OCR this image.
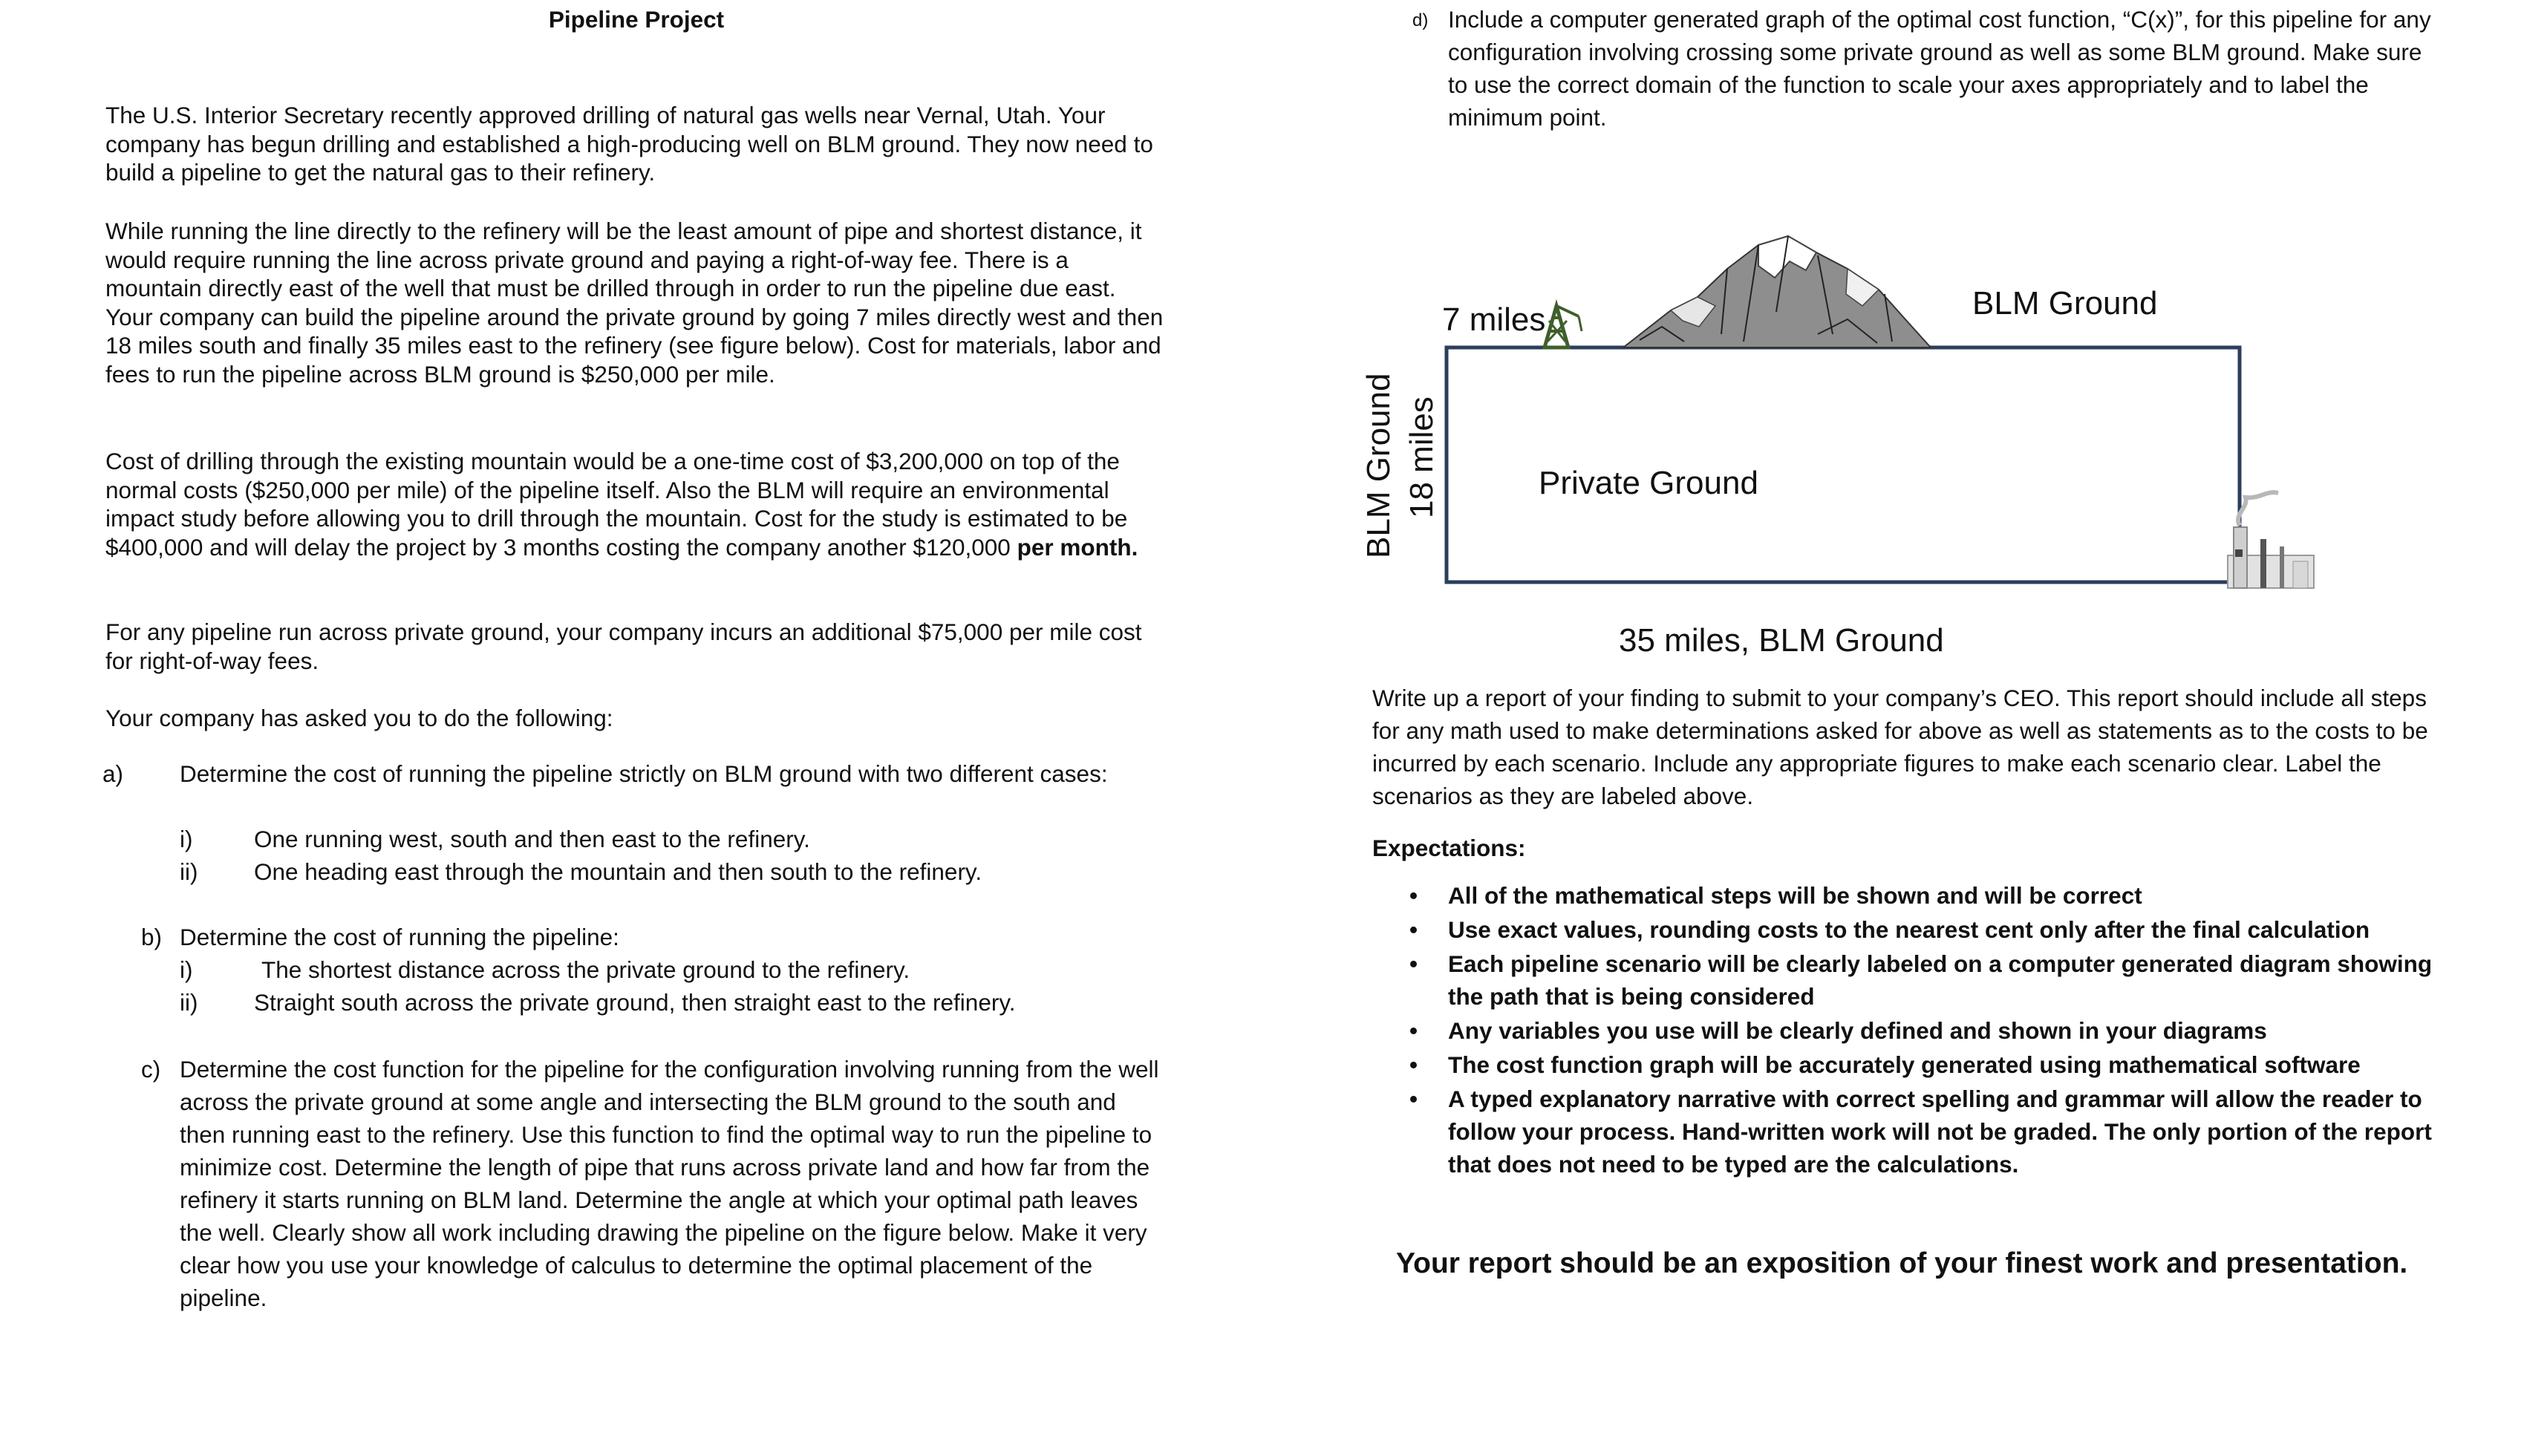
Pipeline Project

The U.S. Interior Secretary recently approved drilling of natural gas wells near Vernal, Utah. Your company has begun drilling and established a high-producing well on BLM ground. They now need to build a pipeline to get the natural gas to their refinery.

While running the line directly to the refinery will be the least amount of pipe and shortest distance, it would require running the line across private ground and paying a right-of-way fee. There is a mountain directly east of the well that must be drilled through in order to run the pipeline due east. Your company can build the pipeline around the private ground by going 7 miles directly west and then 18 miles south and finally 35 miles east to the refinery (see figure below). Cost for materials, labor and fees to run the pipeline across BLM ground is $250,000 per mile.

Cost of drilling through the existing mountain would be a one-time cost of $3,200,000 on top of the normal costs ($250,000 per mile) of the pipeline itself. Also the BLM will require an environmental impact study before allowing you to drill through the mountain. Cost for the study is estimated to be $400,000 and will delay the project by 3 months costing the company another $120,000 per month.

For any pipeline run across private ground, your company incurs an additional $75,000 per mile cost for right-of-way fees.

Your company has asked you to do the following:

a) Determine the cost of running the pipeline strictly on BLM ground with two different cases:
i)	One running west, south and then east to the refinery.
ii) One heading east through the mountain and then south to the refinery.
b) Determine the cost of running the pipeline:
i)	The shortest distance across the private ground to the refinery.
ii) Straight south across the private ground, then straight east to the refinery.
c) Determine the cost function for the pipeline for the configuration involving running from the well across the private ground at some angle and intersecting the BLM ground to the south and then running east to the refinery. Use this function to find the optimal way to run the pipeline to minimize cost. Determine the length of pipe that runs across private land and how far from the refinery it starts running on BLM land. Determine the angle at which your optimal path leaves the well. Clearly show all work including drawing the pipeline on the figure below. Make it very clear how you use your knowledge of calculus to determine the optimal placement of the pipeline.
d) Include a computer generated graph of the optimal cost function, “C(x)”, for this pipeline for any configuration involving crossing some private ground as well as some BLM ground. Make sure to use the correct domain of the function to scale your axes appropriately and to label the minimum point.
7 miles	BLM Ground
BLM Ground 18 miles	Private Ground
35 miles, BLM Ground
Write up a report of your finding to submit to your company’s CEO. This report should include all steps for any math used to make determinations asked for above as well as statements as to the costs to be incurred by each scenario. Include any appropriate figures to make each scenario clear. Label the scenarios as they are labeled above.
Expectations:
• All of the mathematical steps will be shown and will be correct
• Use exact values, rounding costs to the nearest cent only after the final calculation
• Each pipeline scenario will be clearly labeled on a computer generated diagram showing the path that is being considered
• Any variables you use will be clearly defined and shown in your diagrams
• The cost function graph will be accurately generated using mathematical software
• A typed explanatory narrative with correct spelling and grammar will allow the reader to follow your process. Hand-written work will not be graded. The only portion of the report that does not need to be typed are the calculations.
Your report should be an exposition of your finest work and presentation.
